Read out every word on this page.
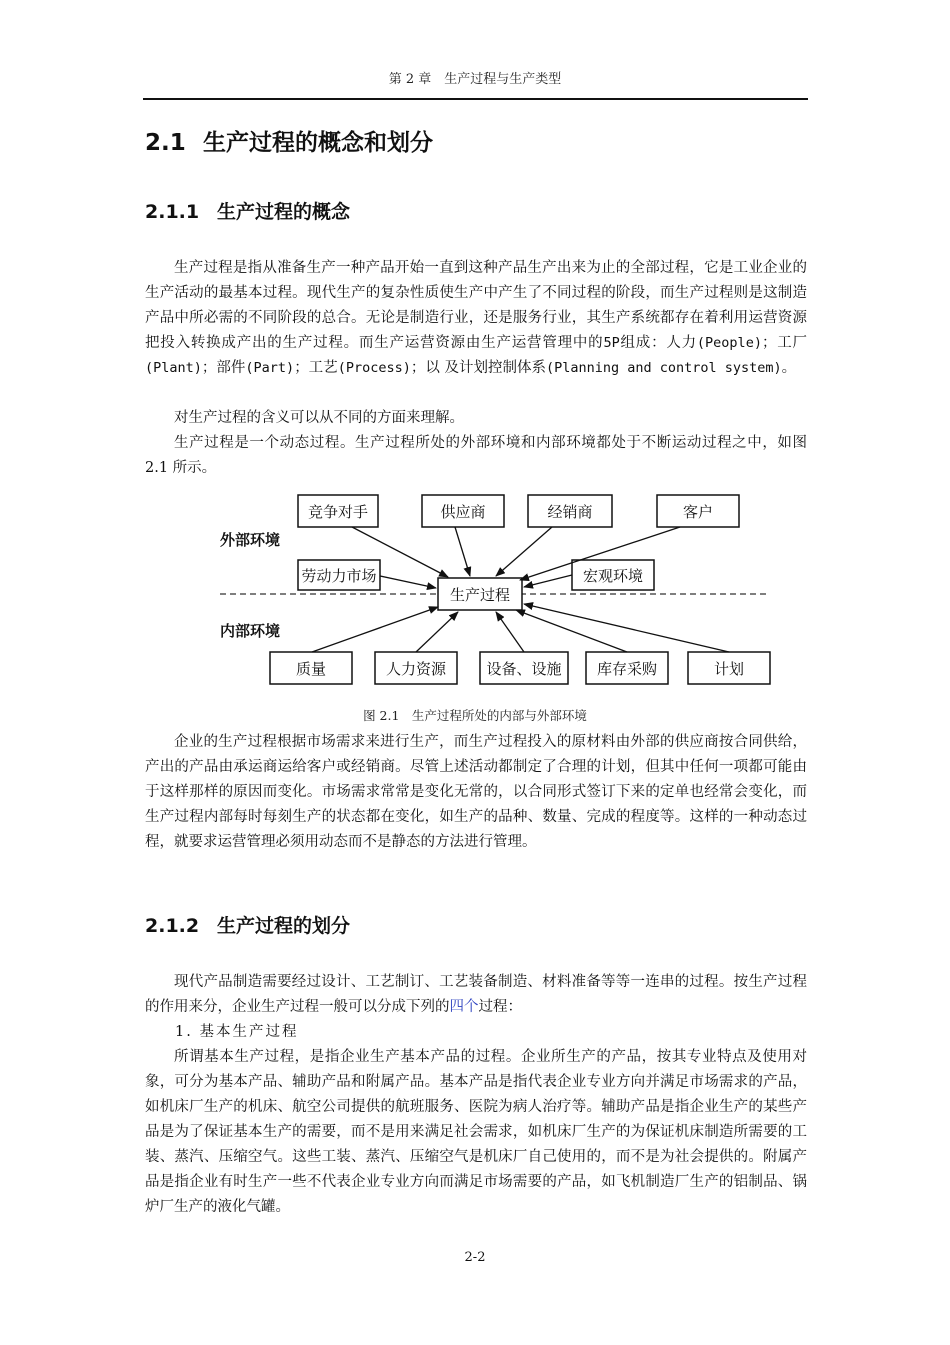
第 2 章　生产过程与生产类型
2.1 生产过程的概念和划分
2.1.1 生产过程的概念

生产过程是指从准备生产一种产品开始一直到这种产品生产出来为止的全部过程，它是工业企业的生产活动的最基本过程。现代生产的复杂性质使生产中产生了不同过程的阶段，而生产过程则是这制造产品中所必需的不同阶段的总合。无论是制造行业，还是服务行业，其生产系统都存在着利用运营资源把投入转换成产出的生产过程。而生产运营资源由生产运营管理中的5P组成：人力(People)；工厂(Plant)；部件(Part)；工艺(Process)；以 及计划控制体系(Planning and control system)。

对生产过程的含义可以从不同的方面来理解。

生产过程是一个动态过程。生产过程所处的外部环境和内部环境都处于不断运动过程之中，如图 2.1 所示。

外部环境
内部环境
竞争对手	供应商	经销商	客户
劳动力市场	宏观环境
生产过程
质量	人力资源	设备、设施 库存采购	计划
图 2.1　生产过程所处的内部与外部环境

企业的生产过程根据市场需求来进行生产，而生产过程投入的原材料由外部的供应商按合同供给，产出的产品由承运商运给客户或经销商。尽管上述活动都制定了合理的计划，但其中任何一项都可能由于这样那样的原因而变化。市场需求常常是变化无常的，以合同形式签订下来的定单也经常会变化，而生产过程内部每时每刻生产的状态都在变化，如生产的品种、数量、完成的程度等。这样的一种动态过程，就要求运营管理必须用动态而不是静态的方法进行管理。

2.1.2 生产过程的划分

现代产品制造需要经过设计、工艺制订、工艺装备制造、材料准备等等一连串的过程。按生产过程的作用来分，企业生产过程一般可以分成下列的四个过程：

1. 基本生产过程

所谓基本生产过程，是指企业生产基本产品的过程。企业所生产的产品，按其专业特点及使用对象，可分为基本产品、辅助产品和附属产品。基本产品是指代表企业专业方向并满足市场需求的产品，如机床厂生产的机床、航空公司提供的航班服务、医院为病人治疗等。辅助产品是指企业生产的某些产品是为了保证基本生产的需要，而不是用来满足社会需求，如机床厂生产的为保证机床制造所需要的工装、蒸汽、压缩空气。这些工装、蒸汽、压缩空气是机床厂自己使用的，而不是为社会提供的。附属产品是指企业有时生产一些不代表企业专业方向而满足市场需要的产品，如飞机制造厂生产的铝制品、锅炉厂生产的液化气罐。

2-2
